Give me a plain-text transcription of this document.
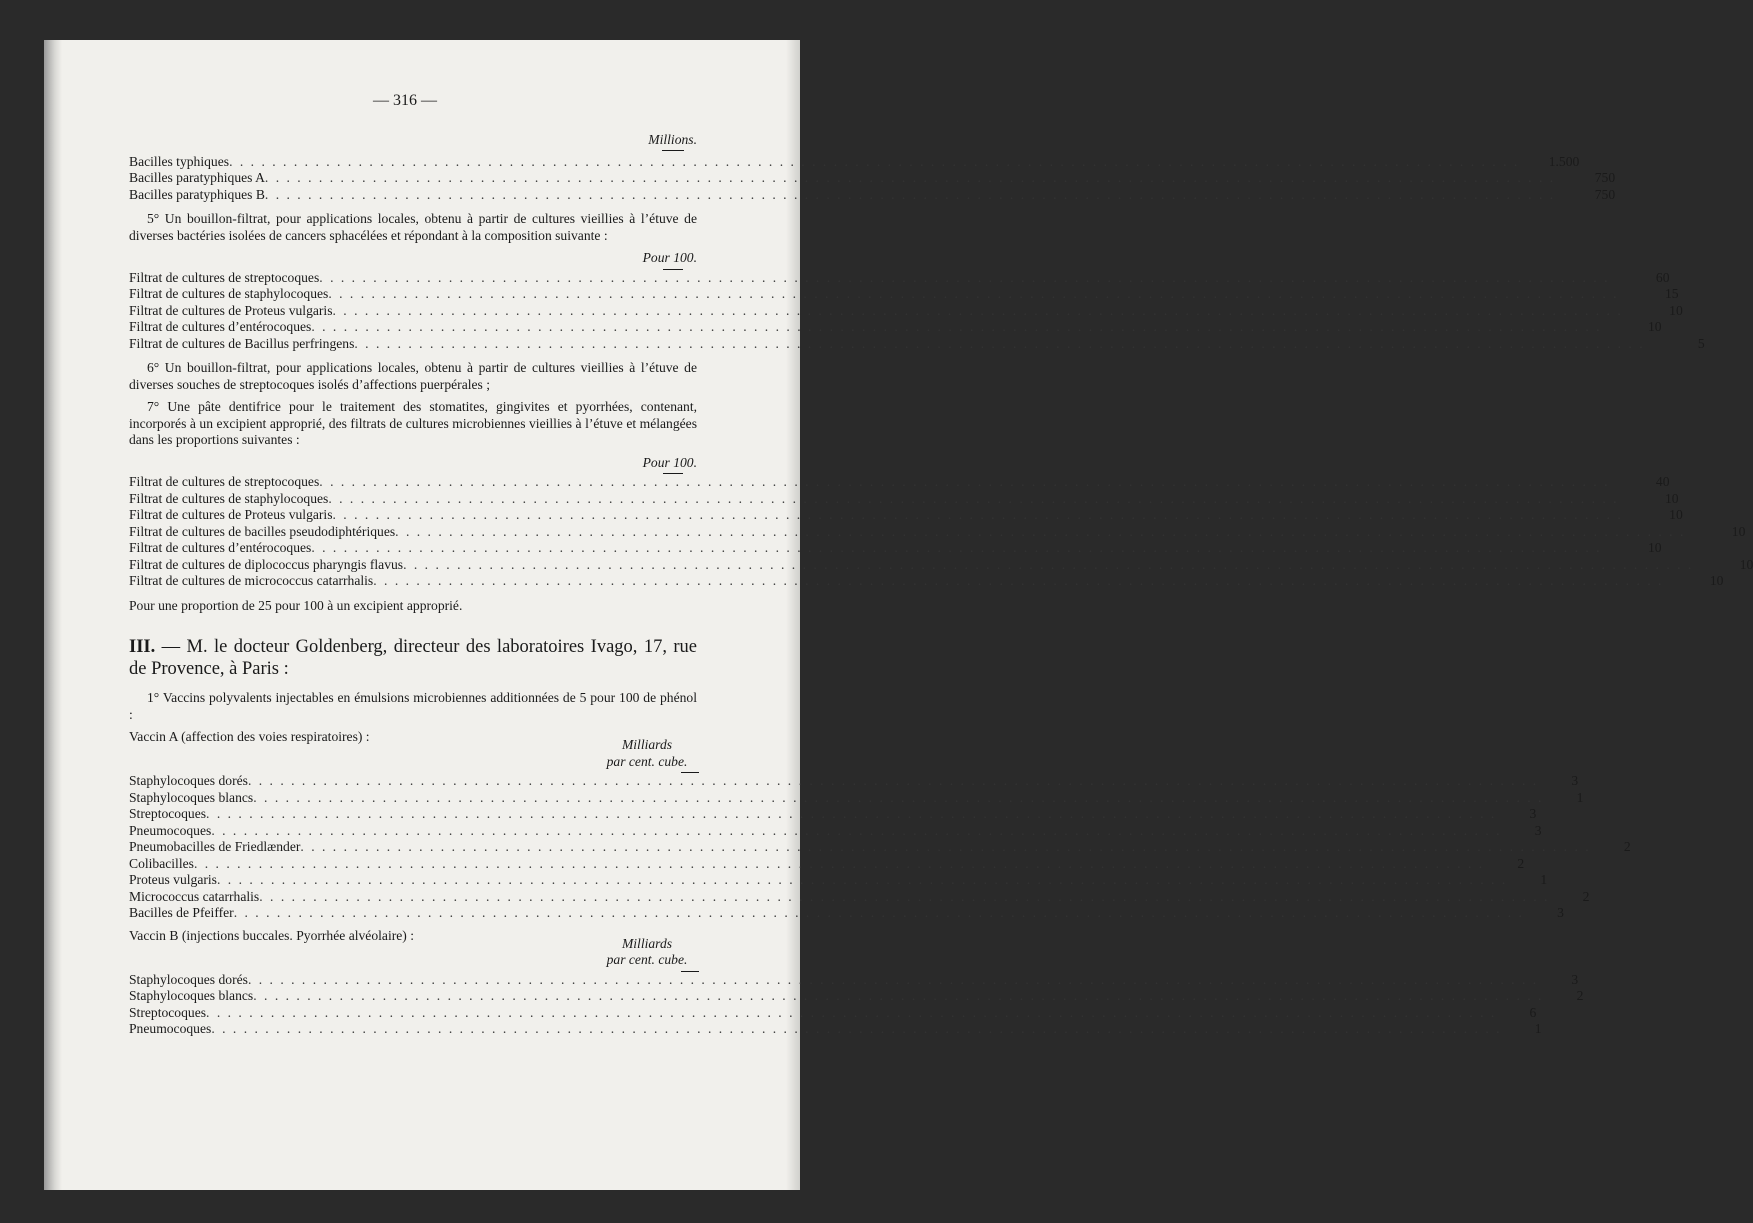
— 316 —
Millions.
Bacilles typhiques . . . . . . . . . . . . . . . . . . . . . . . . . . . . . . . . . . . . . . . . . . . . . . . . . . . . . . . . . . . . . . . . . . . . . . . . . . . . . . . . . . . . . . . . . . . . . . . . . . . . . . . . . . . . . . . . . . . . . . . .	1.500
Bacilles paratyphiques A . . . . . . . . . . . . . . . . . . . . . . . . . . . . . . . . . . . . . . . . . . . . . . . . . . . . . . . . . . . . . . . . . . . . . . . . . . . . . . . . . . . . . . . . . . . . . . . . . . . . . . . . . . . . . . . . . . . . . . . .	750
Bacilles paratyphiques B . . . . . . . . . . . . . . . . . . . . . . . . . . . . . . . . . . . . . . . . . . . . . . . . . . . . . . . . . . . . . . . . . . . . . . . . . . . . . . . . . . . . . . . . . . . . . . . . . . . . . . . . . . . . . . . . . . . . . . . .	750
5° Un bouillon-filtrat, pour applications locales, obtenu à partir de cultures vieillies à l’étuve de diverses bactéries isolées de cancers sphacélées et répondant à la composition suivante :
Pour 100.
Filtrat de cultures de streptocoques . . . . . . . . . . . . . . . . . . . . . . . . . . . . . . . . . . . . . . . . . . . . . . . . . . . . . . . . . . . . . . . . . . . . . . . . . . . . . . . . . . . . . . . . . . . . . . . . . . . . . . . . . . . . . . . . . . . . . . . .	60
Filtrat de cultures de staphylocoques . . . . . . . . . . . . . . . . . . . . . . . . . . . . . . . . . . . . . . . . . . . . . . . . . . . . . . . . . . . . . . . . . . . . . . . . . . . . . . . . . . . . . . . . . . . . . . . . . . . . . . . . . . . . . . . . . . . . . . . .	15
Filtrat de cultures de Proteus vulgaris . . . . . . . . . . . . . . . . . . . . . . . . . . . . . . . . . . . . . . . . . . . . . . . . . . . . . . . . . . . . . . . . . . . . . . . . . . . . . . . . . . . . . . . . . . . . . . . . . . . . . . . . . . . . . . . . . . . . . . . .	10
Filtrat de cultures d’entérocoques . . . . . . . . . . . . . . . . . . . . . . . . . . . . . . . . . . . . . . . . . . . . . . . . . . . . . . . . . . . . . . . . . . . . . . . . . . . . . . . . . . . . . . . . . . . . . . . . . . . . . . . . . . . . . . . . . . . . . . . .	10
Filtrat de cultures de Bacillus perfringens . . . . . . . . . . . . . . . . . . . . . . . . . . . . . . . . . . . . . . . . . . . . . . . . . . . . . . . . . . . . . . . . . . . . . . . . . . . . . . . . . . . . . . . . . . . . . . . . . . . . . . . . . . . . . . . . . . . . . . . .	5
6° Un bouillon-filtrat, pour applications locales, obtenu à partir de cultures vieillies à l’étuve de diverses souches de streptocoques isolés d’affections puerpérales ;
7° Une pâte dentifrice pour le traitement des stomatites, gingivites et pyorrhées, contenant, incorporés à un excipient approprié, des filtrats de cultures microbiennes vieillies à l’étuve et mélangées dans les proportions suivantes :
Pour 100.
Filtrat de cultures de streptocoques . . . . . . . . . . . . . . . . . . . . . . . . . . . . . . . . . . . . . . . . . . . . . . . . . . . . . . . . . . . . . . . . . . . . . . . . . . . . . . . . . . . . . . . . . . . . . . . . . . . . . . . . . . . . . . . . . . . . . . . .	40
Filtrat de cultures de staphylocoques . . . . . . . . . . . . . . . . . . . . . . . . . . . . . . . . . . . . . . . . . . . . . . . . . . . . . . . . . . . . . . . . . . . . . . . . . . . . . . . . . . . . . . . . . . . . . . . . . . . . . . . . . . . . . . . . . . . . . . . .	10
Filtrat de cultures de Proteus vulgaris . . . . . . . . . . . . . . . . . . . . . . . . . . . . . . . . . . . . . . . . . . . . . . . . . . . . . . . . . . . . . . . . . . . . . . . . . . . . . . . . . . . . . . . . . . . . . . . . . . . . . . . . . . . . . . . . . . . . . . . .	10
Filtrat de cultures de bacilles pseudodiphtériques . . . . . . . . . . . . . . . . . . . . . . . . . . . . . . . . . . . . . . . . . . . . . . . . . . . . . . . . . . . . . . . . . . . . . . . . . . . . . . . . . . . . . . . . . . . . . . . . . . . . . . . . . . . . . . . . . . . . . . . .	10
Filtrat de cultures d’entérocoques . . . . . . . . . . . . . . . . . . . . . . . . . . . . . . . . . . . . . . . . . . . . . . . . . . . . . . . . . . . . . . . . . . . . . . . . . . . . . . . . . . . . . . . . . . . . . . . . . . . . . . . . . . . . . . . . . . . . . . . .	10
Filtrat de cultures de diplococcus pharyngis flavus . . . . . . . . . . . . . . . . . . . . . . . . . . . . . . . . . . . . . . . . . . . . . . . . . . . . . . . . . . . . . . . . . . . . . . . . . . . . . . . . . . . . . . . . . . . . . . . . . . . . . . . . . . . . . . . . . . . . . . . .	10
Filtrat de cultures de micrococcus catarrhalis . . . . . . . . . . . . . . . . . . . . . . . . . . . . . . . . . . . . . . . . . . . . . . . . . . . . . . . . . . . . . . . . . . . . . . . . . . . . . . . . . . . . . . . . . . . . . . . . . . . . . . . . . . . . . . . . . . . . . . . .	10
Pour une proportion de 25 pour 100 à un excipient approprié.
III. — M. le docteur Goldenberg, directeur des laboratoires Ivago, 17, rue de Provence, à Paris :
1° Vaccins polyvalents injectables en émulsions microbiennes additionnées de 5 pour 100 de phénol :
Vaccin A (affection des voies respiratoires) :
Milliards
par cent. cube.
Staphylocoques dorés . . . . . . . . . . . . . . . . . . . . . . . . . . . . . . . . . . . . . . . . . . . . . . . . . . . . . . . . . . . . . . . . . . . . . . . . . . . . . . . . . . . . . . . . . . . . . . . . . . . . . . . . . . . . . . . . . . . . . . . .	3
Staphylocoques blancs . . . . . . . . . . . . . . . . . . . . . . . . . . . . . . . . . . . . . . . . . . . . . . . . . . . . . . . . . . . . . . . . . . . . . . . . . . . . . . . . . . . . . . . . . . . . . . . . . . . . . . . . . . . . . . . . . . . . . . . .	1
Streptocoques . . . . . . . . . . . . . . . . . . . . . . . . . . . . . . . . . . . . . . . . . . . . . . . . . . . . . . . . . . . . . . . . . . . . . . . . . . . . . . . . . . . . . . . . . . . . . . . . . . . . . . . . . . . . . . . . . . . . . . . .	3
Pneumocoques . . . . . . . . . . . . . . . . . . . . . . . . . . . . . . . . . . . . . . . . . . . . . . . . . . . . . . . . . . . . . . . . . . . . . . . . . . . . . . . . . . . . . . . . . . . . . . . . . . . . . . . . . . . . . . . . . . . . . . . .	3
Pneumobacilles de Friedlænder . . . . . . . . . . . . . . . . . . . . . . . . . . . . . . . . . . . . . . . . . . . . . . . . . . . . . . . . . . . . . . . . . . . . . . . . . . . . . . . . . . . . . . . . . . . . . . . . . . . . . . . . . . . . . . . . . . . . . . . .	2
Colibacilles . . . . . . . . . . . . . . . . . . . . . . . . . . . . . . . . . . . . . . . . . . . . . . . . . . . . . . . . . . . . . . . . . . . . . . . . . . . . . . . . . . . . . . . . . . . . . . . . . . . . . . . . . . . . . . . . . . . . . . . .	2
Proteus vulgaris . . . . . . . . . . . . . . . . . . . . . . . . . . . . . . . . . . . . . . . . . . . . . . . . . . . . . . . . . . . . . . . . . . . . . . . . . . . . . . . . . . . . . . . . . . . . . . . . . . . . . . . . . . . . . . . . . . . . . . . .	1
Micrococcus catarrhalis . . . . . . . . . . . . . . . . . . . . . . . . . . . . . . . . . . . . . . . . . . . . . . . . . . . . . . . . . . . . . . . . . . . . . . . . . . . . . . . . . . . . . . . . . . . . . . . . . . . . . . . . . . . . . . . . . . . . . . . .	2
Bacilles de Pfeiffer . . . . . . . . . . . . . . . . . . . . . . . . . . . . . . . . . . . . . . . . . . . . . . . . . . . . . . . . . . . . . . . . . . . . . . . . . . . . . . . . . . . . . . . . . . . . . . . . . . . . . . . . . . . . . . . . . . . . . . . .	3
Vaccin B (injections buccales. Pyorrhée alvéolaire) :
Milliards
par cent. cube.
Staphylocoques dorés . . . . . . . . . . . . . . . . . . . . . . . . . . . . . . . . . . . . . . . . . . . . . . . . . . . . . . . . . . . . . . . . . . . . . . . . . . . . . . . . . . . . . . . . . . . . . . . . . . . . . . . . . . . . . . . . . . . . . . . .	3
Staphylocoques blancs . . . . . . . . . . . . . . . . . . . . . . . . . . . . . . . . . . . . . . . . . . . . . . . . . . . . . . . . . . . . . . . . . . . . . . . . . . . . . . . . . . . . . . . . . . . . . . . . . . . . . . . . . . . . . . . . . . . . . . . .	2
Streptocoques . . . . . . . . . . . . . . . . . . . . . . . . . . . . . . . . . . . . . . . . . . . . . . . . . . . . . . . . . . . . . . . . . . . . . . . . . . . . . . . . . . . . . . . . . . . . . . . . . . . . . . . . . . . . . . . . . . . . . . . .	6
Pneumocoques . . . . . . . . . . . . . . . . . . . . . . . . . . . . . . . . . . . . . . . . . . . . . . . . . . . . . . . . . . . . . . . . . . . . . . . . . . . . . . . . . . . . . . . . . . . . . . . . . . . . . . . . . . . . . . . . . . . . . . . .	1
